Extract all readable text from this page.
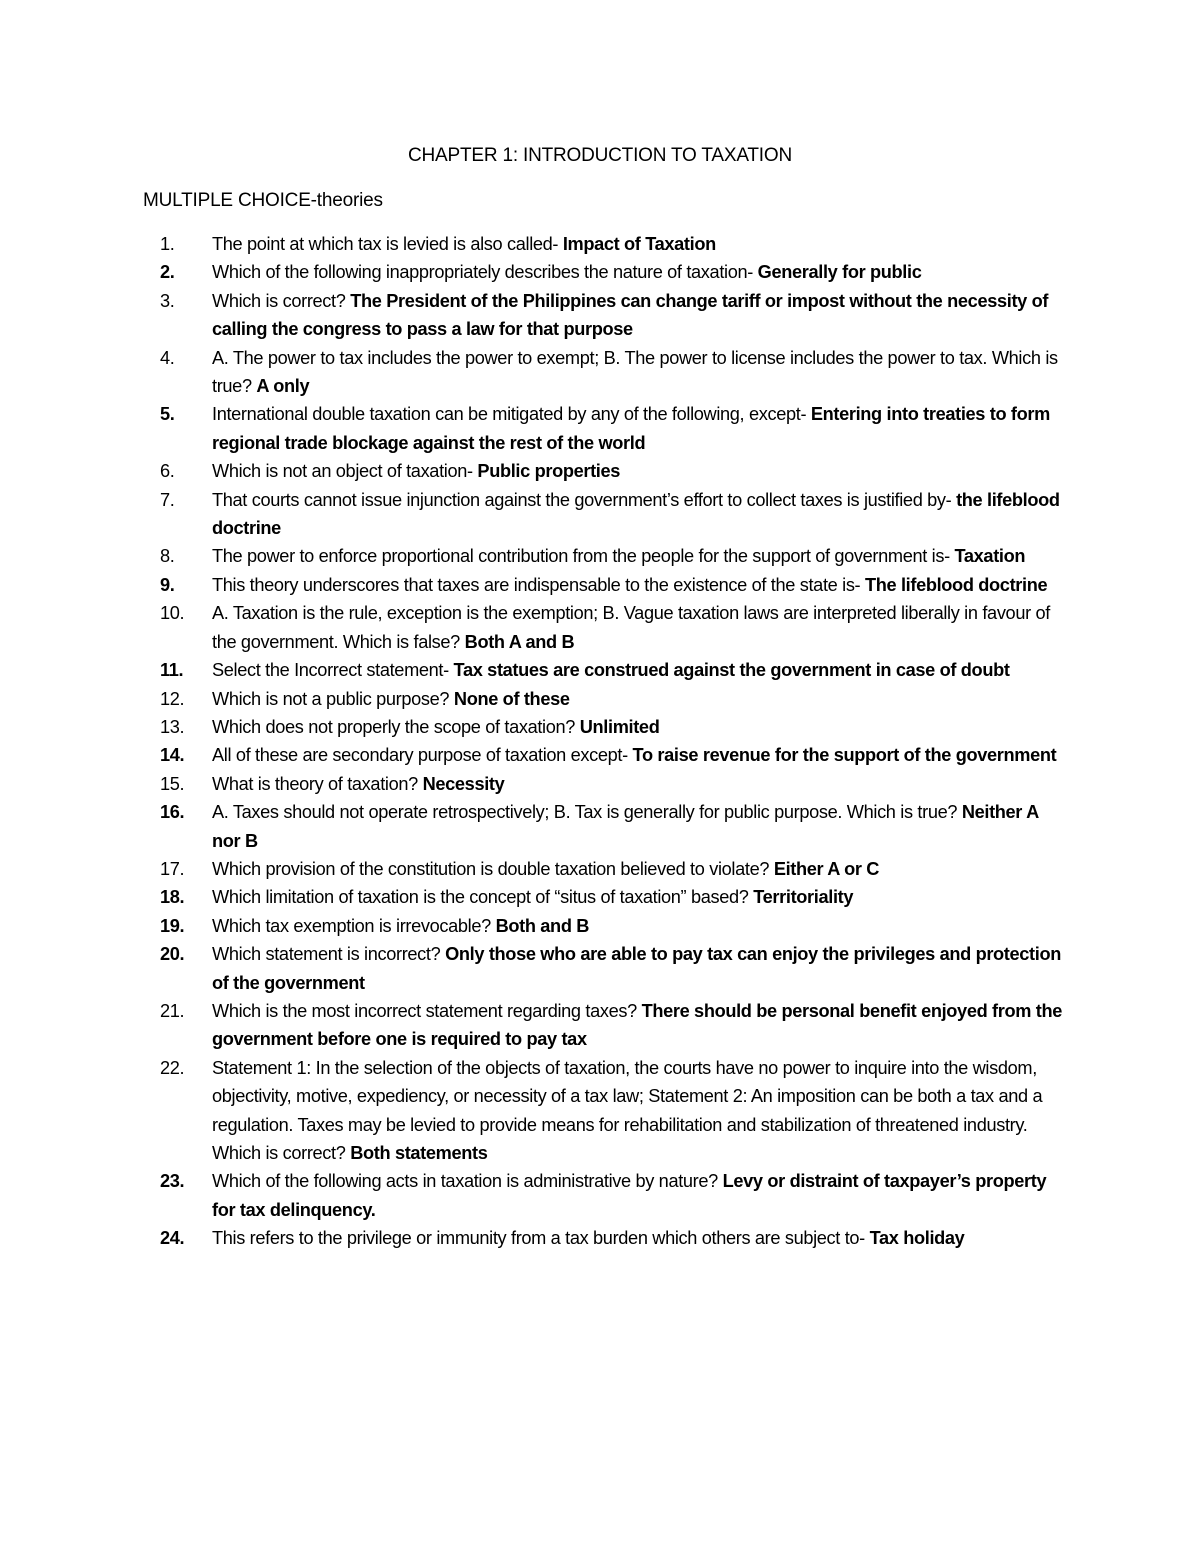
CHAPTER 1: INTRODUCTION TO TAXATION
MULTIPLE CHOICE-theories
1.	The point at which tax is levied is also called- Impact of Taxation
2.	Which of the following inappropriately describes the nature of taxation- Generally for public
3.	Which is correct? The President of the Philippines can change tariff or impost without the necessity of calling the congress to pass a law for that purpose
4.	A. The power to tax includes the power to exempt; B. The power to license includes the power to tax. Which is true? A only
5.	International double taxation can be mitigated by any of the following, except- Entering into treaties to form regional trade blockage against the rest of the world
6.	Which is not an object of taxation- Public properties
7.	That courts cannot issue injunction against the government’s effort to collect taxes is justified by- the lifeblood doctrine
8.	The power to enforce proportional contribution from the people for the support of government is- Taxation
9.	This theory underscores that taxes are indispensable to the existence of the state is- The lifeblood doctrine
10.	A. Taxation is the rule, exception is the exemption; B. Vague taxation laws are interpreted liberally in favour of the government. Which is false? Both A and B
11.	Select the Incorrect statement- Tax statues are construed against the government in case of doubt
12.	Which is not a public purpose? None of these
13.	Which does not properly the scope of taxation? Unlimited
14.	All of these are secondary purpose of taxation except- To raise revenue for the support of the government
15.	What is theory of taxation? Necessity
16.	A. Taxes should not operate retrospectively; B. Tax is generally for public purpose. Which is true? Neither A nor B
17.	Which provision of the constitution is double taxation believed to violate? Either A or C
18.	Which limitation of taxation is the concept of “situs of taxation” based? Territoriality
19.	Which tax exemption is irrevocable? Both and B
20.	Which statement is incorrect? Only those who are able to pay tax can enjoy the privileges and protection of the government
21.	Which is the most incorrect statement regarding taxes? There should be personal benefit enjoyed from the government before one is required to pay tax
22.	Statement 1: In the selection of the objects of taxation, the courts have no power to inquire into the wisdom, objectivity, motive, expediency, or necessity of a tax law; Statement 2: An imposition can be both a tax and a regulation. Taxes may be levied to provide means for rehabilitation and stabilization of threatened industry. Which is correct? Both statements
23.	Which of the following acts in taxation is administrative by nature? Levy or distraint of taxpayer’s property for tax delinquency.
24.	This refers to the privilege or immunity from a tax burden which others are subject to- Tax holiday
